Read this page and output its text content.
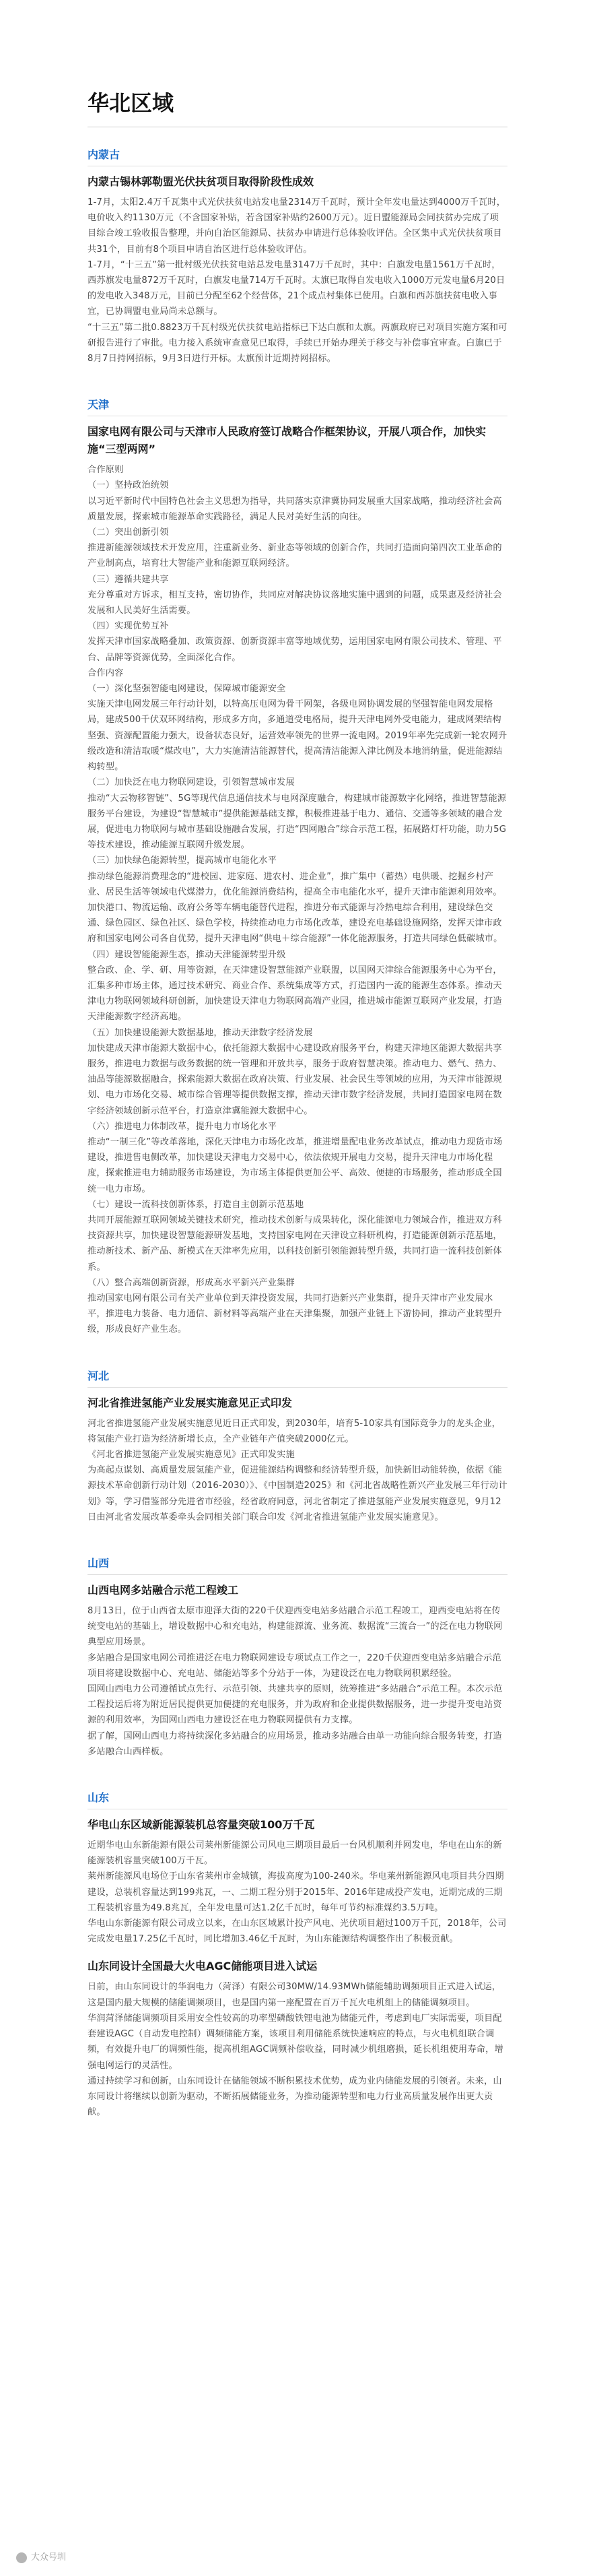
华北区域
内蒙古
内蒙古锡林郭勒盟光伏扶贫项目取得阶段性成效

1-7月，太阳2.4万千瓦集中式光伏扶贫电站发电量2314万千瓦时，预计全年发电量达到4000万千瓦时，电价收入约1130万元（不含国家补贴，若含国家补贴约2600万元）。近日盟能源局会同扶贫办完成了项目综合竣工验收报告整理，并向自治区能源局、扶贫办申请进行总体验收评估。全区集中式光伏扶贫项目共31个，目前有8个项目申请自治区进行总体验收评估。

1-7月，“十三五”第一批村级光伏扶贫电站总发电量3147万千瓦时，其中：白旗发电量1561万千瓦时，西苏旗发电量872万千瓦时，白旗发电量714万千瓦时。太旗已取得自发电收入1000万元发电量6月20日的发电收入348万元，目前已分配至62个经营体，21个成点村集体已使用。白旗和西苏旗扶贫电收入事宜，已协调盟电业局尚未总额与。

“十三五”第二批0.8823万千瓦村级光伏扶贫电站指标已下达白旗和太旗。两旗政府已对项目实施方案和可研报告进行了审批。电力接入系统审查意见已取得，手续已开始办理关于移交与补偿事宜审查。白旗已于8月7日持网招标，9月3日进行开标。太旗预计近期持网招标。

天津
国家电网有限公司与天津市人民政府签订战略合作框架协议，开展八项合作，加快实施“三型两网”

合作原则

（一）坚持政治统领

以习近平新时代中国特色社会主义思想为指导，共同落实京津冀协同发展重大国家战略，推动经济社会高质量发展，探索城市能源革命实践路径，满足人民对美好生活的向往。

（二）突出创新引领

推进新能源领域技术开发应用，注重新业务、新业态等领域的创新合作，共同打造面向第四次工业革命的产业制高点，培育壮大智能产业和能源互联网经济。

（三）遵循共建共享

充分尊重对方诉求，相互支持，密切协作，共同应对解决协议落地实施中遇到的问题，成果惠及经济社会发展和人民美好生活需要。

（四）实现优势互补

发挥天津市国家战略叠加、政策资源、创新资源丰富等地域优势，运用国家电网有限公司技术、管理、平台、品牌等资源优势，全面深化合作。

合作内容

（一）深化坚强智能电网建设，保障城市能源安全

实施天津电网发展三年行动计划，以特高压电网为骨干网架，各级电网协调发展的坚强智能电网发展格局，建成500千伏双环网结构，形成多方向，多通道受电格局，提升天津电网外受电能力，建成网架结构坚强、资源配置能力强大，设备状态良好，运营效率领先的世界一流电网。2019年率先完成新一轮农网升级改造和清洁取暖“煤改电”，大力实施清洁能源替代，提高清洁能源入津比例及本地消纳量，促进能源结构转型。

（二）加快泛在电力物联网建设，引领智慧城市发展

推动“大云物移智链”、5G等现代信息通信技术与电网深度融合，构建城市能源数字化网络，推进智慧能源服务平台建设，为建设“智慧城市”提供能源基础支撑，积极推进基于电力、通信、交通等多领域的融合发展，促进电力物联网与城市基础设施融合发展，打造“四网融合”综合示范工程，拓展路灯杆功能，助力5G等技术建设，推动能源互联网升级发展。

（三）加快绿色能源转型，提高城市电能化水平

推动绿色能源消费理念的“进校园、进家庭、进农村、进企业”，推广集中（蓄热）电供暖、挖掘乡村产业、居民生活等领域电代煤潜力，优化能源消费结构，提高全市电能化水平，提升天津市能源利用效率。加快港口、物流运输、政府公务等车辆电能替代进程，推进分布式能源与冷热电综合利用，建设绿色交通、绿色园区、绿色社区、绿色学校，持续推动电力市场化改革，建设充电基础设施网络，发挥天津市政府和国家电网公司各自优势，提升天津电网“供电＋综合能源”一体化能源服务，打造共同绿色低碳城市。

（四）建设智能能源生态，推动天津能源转型升级

整合政、企、学、研、用等资源，在天津建设智慧能源产业联盟，以国网天津综合能源服务中心为平台，汇集多种市场主体，通过技术研究、商业合作、系统集成等方式，打造国内一流的能源生态体系。推动天津电力物联网领域科研创新，加快建设天津电力物联网高端产业园，推进城市能源互联网产业发展，打造天津能源数字经济高地。

（五）加快建设能源大数据基地，推动天津数字经济发展

加快建成天津市能源大数据中心，依托能源大数据中心建设政府服务平台，构建天津地区能源大数据共享服务，推进电力数据与政务数据的统一管理和开放共享，服务于政府智慧决策。推动电力、燃气、热力、油品等能源数据融合，探索能源大数据在政府决策、行业发展、社会民生等领域的应用，为天津市能源规划、电力市场化交易、城市综合管理等提供数据支撑，推动天津市数字经济发展，共同打造国家电网在数字经济领域创新示范平台，打造京津冀能源大数据中心。

（六）推进电力体制改革，提升电力市场化水平

推动“一制三化”等改革落地，深化天津电力市场化改革，推进增量配电业务改革试点，推动电力现货市场建设，推进售电侧改革，加快建设天津电力交易中心，依法依规开展电力交易，提升天津电力市场化程度，探索推进电力辅助服务市场建设，为市场主体提供更加公平、高效、便捷的市场服务，推动形成全国统一电力市场。

（七）建设一流科技创新体系，打造自主创新示范基地

共同开展能源互联网领域关键技术研究，推动技术创新与成果转化，深化能源电力领域合作，推进双方科技资源共享，加快建设智慧能源研发基地，支持国家电网在天津设立科研机构，打造能源创新示范基地，推动新技术、新产品、新模式在天津率先应用，以科技创新引领能源转型升级，共同打造一流科技创新体系。

（八）整合高端创新资源，形成高水平新兴产业集群

推动国家电网有限公司有关产业单位到天津投资发展，共同打造新兴产业集群，提升天津市产业发展水平，推进电力装备、电力通信、新材料等高端产业在天津集聚，加强产业链上下游协同，推动产业转型升级，形成良好产业生态。

河北
河北省推进氢能产业发展实施意见正式印发

河北省推进氢能产业发展实施意见近日正式印发，到2030年，培育5-10家具有国际竞争力的龙头企业，将氢能产业打造为经济新增长点，全产业链年产值突破2000亿元。

《河北省推进氢能产业发展实施意见》正式印发实施

为高起点谋划、高质量发展氢能产业，促进能源结构调整和经济转型升级，加快新旧动能转换，依据《能源技术革命创新行动计划（2016-2030）》、《中国制造2025》和《河北省战略性新兴产业发展三年行动计划》等，学习借鉴部分先进省市经验，经省政府同意，河北省制定了推进氢能产业发展实施意见，9月12日由河北省发展改革委牵头会同相关部门联合印发《河北省推进氢能产业发展实施意见》。

山西
山西电网多站融合示范工程竣工

8月13日，位于山西省太原市迎泽大街的220千伏迎西变电站多站融合示范工程竣工，迎西变电站将在传统变电站的基础上，增设数据中心和充电站，构建能源流、业务流、数据流“三流合一”的泛在电力物联网典型应用场景。

多站融合是国家电网公司推进泛在电力物联网建设专项试点工作之一，220千伏迎西变电站多站融合示范项目将建设数据中心、充电站、储能站等多个分站于一体，为建设泛在电力物联网积累经验。

国网山西电力公司遵循试点先行、示范引领、共建共享的原则，统筹推进“多站融合”示范工程。本次示范工程投运后将为附近居民提供更加便捷的充电服务，并为政府和企业提供数据服务，进一步提升变电站资源的利用效率，为国网山西电力建设泛在电力物联网提供有力支撑。

据了解，国网山西电力将持续深化多站融合的应用场景，推动多站融合由单一功能向综合服务转变，打造多站融合山西样板。

山东
华电山东区域新能源装机总容量突破100万千瓦

近期华电山东新能源有限公司莱州新能源公司风电三期项目最后一台风机顺利并网发电，华电在山东的新能源装机容量突破100万千瓦。

莱州新能源风电场位于山东省莱州市金城镇，海拔高度为100-240米。华电莱州新能源风电项目共分四期建设，总装机容量达到199兆瓦，一、二期工程分别于2015年、2016年建成投产发电，近期完成的三期工程装机容量为49.8兆瓦，全年发电量可达1.2亿千瓦时，每年可节约标准煤约3.5万吨。

华电山东新能源有限公司成立以来，在山东区域累计投产风电、光伏项目超过100万千瓦，2018年，公司完成发电量17.25亿千瓦时，同比增加3.46亿千瓦时，为山东能源结构调整作出了积极贡献。

山东同设计全国最大火电AGC储能项目进入试运

日前，由山东同设计的华润电力（菏泽）有限公司30MW/14.93MWh储能辅助调频项目正式进入试运，这是国内最大规模的储能调频项目，也是国内第一座配置在百万千瓦火电机组上的储能调频项目。

华润菏泽储能调频项目采用安全性较高的功率型磷酸铁锂电池为储能元件，考虑到电厂实际需要，项目配套建设AGC（自动发电控制）调频储能方案，该项目利用储能系统快速响应的特点，与火电机组联合调频，有效提升电厂的调频性能，提高机组AGC调频补偿收益，同时减少机组磨损，延长机组使用寿命，增强电网运行的灵活性。

通过持续学习和创新，山东同设计在储能领域不断积累技术优势，成为业内储能发展的引领者。未来，山东同设计将继续以创新为驱动，不断拓展储能业务，为推动能源转型和电力行业高质量发展作出更大贡献。

大众号圳
